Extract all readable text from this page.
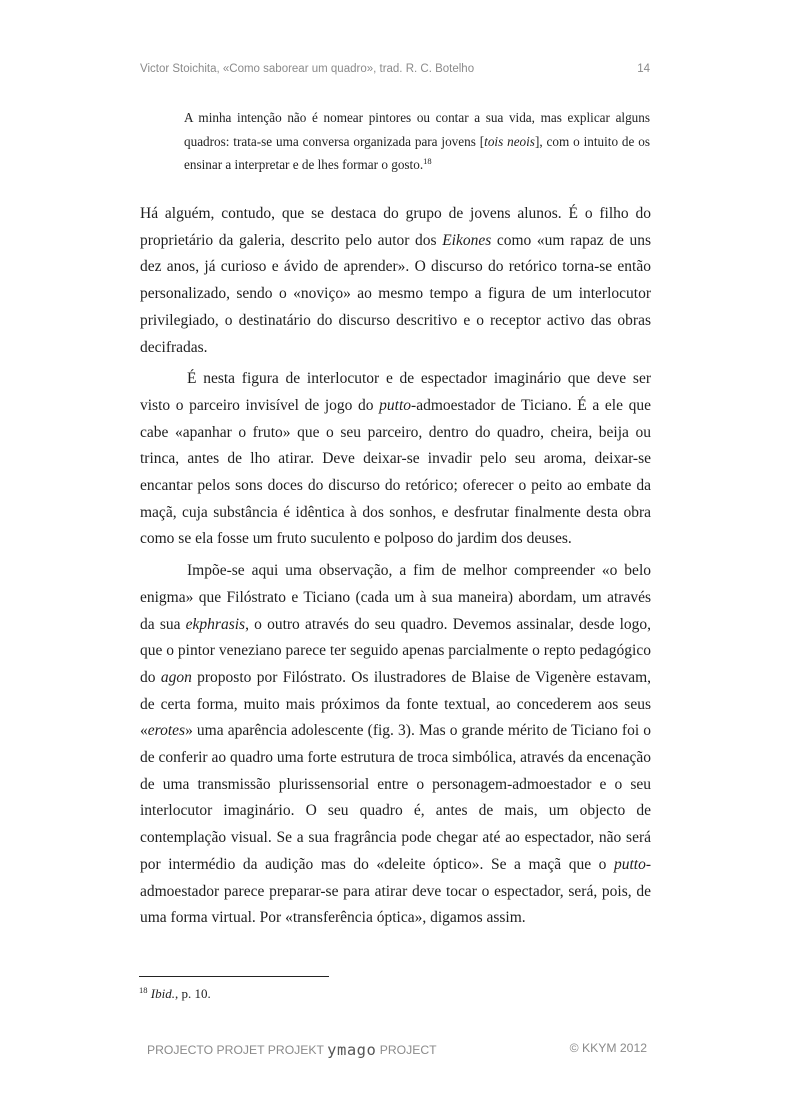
Victor Stoichita, «Como saborear um quadro», trad. R. C. Botelho	14
A minha intenção não é nomear pintores ou contar a sua vida, mas explicar alguns quadros: trata-se uma conversa organizada para jovens [tois neois], com o intuito de os ensinar a interpretar e de lhes formar o gosto.$^{18}$

Há alguém, contudo, que se destaca do grupo de jovens alunos. É o filho do proprietário da galeria, descrito pelo autor dos Eikones como «um rapaz de uns dez anos, já curioso e ávido de aprender». O discurso do retórico torna-se então personalizado, sendo o «noviço» ao mesmo tempo a figura de um interlocutor privilegiado, o destinatário do discurso descritivo e o receptor activo das obras decifradas.

É nesta figura de interlocutor e de espectador imaginário que deve ser visto o parceiro invisível de jogo do putto-admoestador de Ticiano. É a ele que cabe «apanhar o fruto» que o seu parceiro, dentro do quadro, cheira, beija ou trinca, antes de lho atirar. Deve deixar-se invadir pelo seu aroma, deixar-se encantar pelos sons doces do discurso do retórico; oferecer o peito ao embate da maçã, cuja substância é idêntica à dos sonhos, e desfrutar finalmente desta obra como se ela fosse um fruto suculento e polposo do jardim dos deuses.

Impõe-se aqui uma observação, a fim de melhor compreender «o belo enigma» que Filóstrato e Ticiano (cada um à sua maneira) abordam, um através da sua ekphrasis, o outro através do seu quadro. Devemos assinalar, desde logo, que o pintor veneziano parece ter seguido apenas parcialmente o repto pedagógico do agon proposto por Filóstrato. Os ilustradores de Blaise de Vigenère estavam, de certa forma, muito mais próximos da fonte textual, ao concederem aos seus «erotes» uma aparência adolescente (fig. 3). Mas o grande mérito de Ticiano foi o de conferir ao quadro uma forte estrutura de troca simbólica, através da encenação de uma transmissão plurissensorial entre o personagem-admoestador e o seu interlocutor imaginário. O seu quadro é, antes de mais, um objecto de contemplação visual. Se a sua fragrância pode chegar até ao espectador, não será por intermédio da audição mas do «deleite óptico». Se a maçã que o putto-admoestador parece preparar-se para atirar deve tocar o espectador, será, pois, de uma forma virtual. Por «transferência óptica», digamos assim.

$^{18}$ Ibid., p. 10.
PROJECTO PROJET PROJEKT ymago PROJECT	© KKYM 2012
